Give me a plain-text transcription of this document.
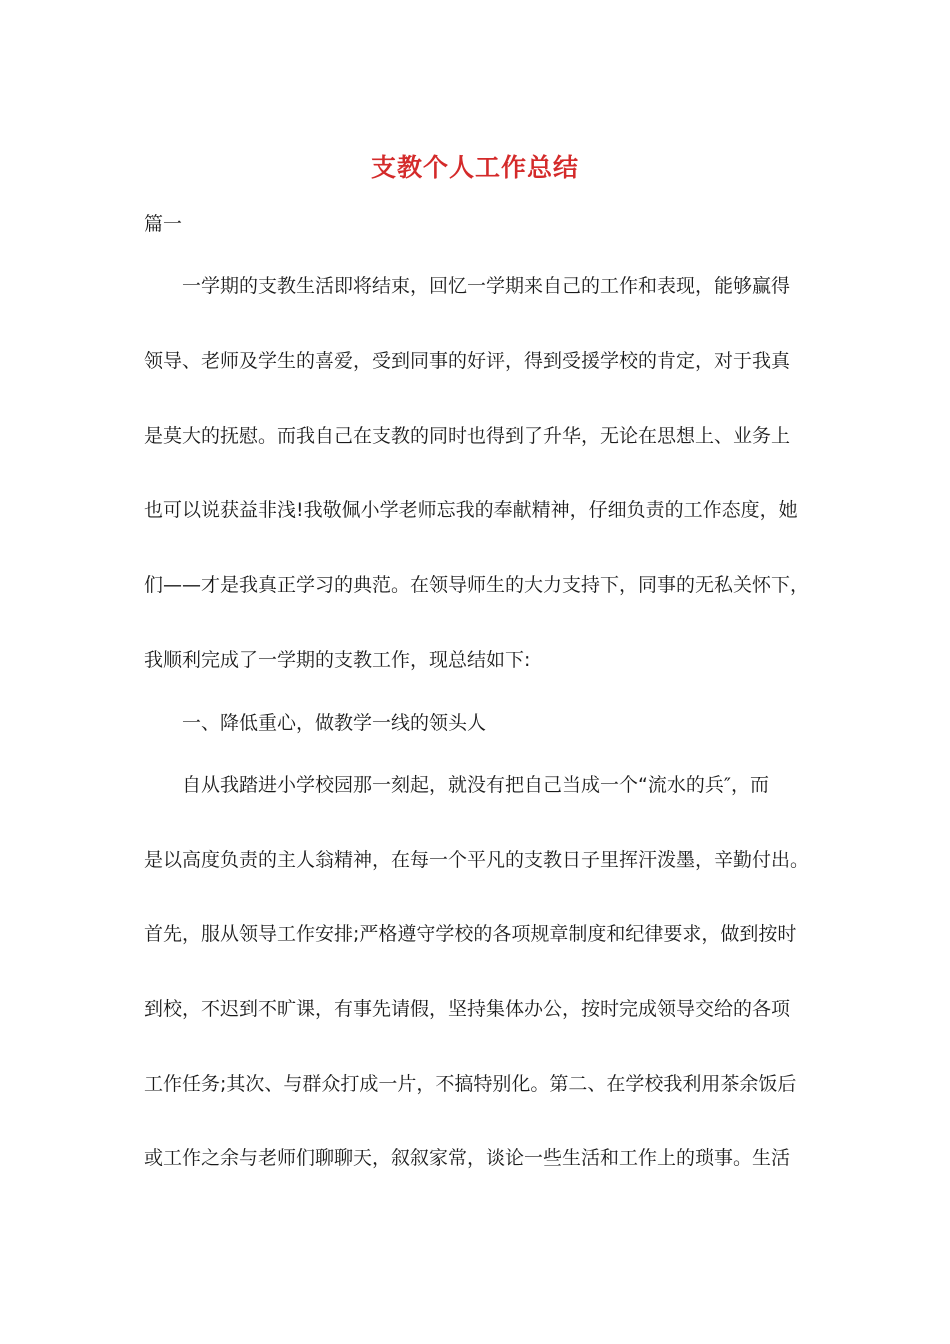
支教个人工作总结
篇一
一学期的支教生活即将结束，回忆一学期来自己的工作和表现，能够赢得
领导、老师及学生的喜爱，受到同事的好评，得到受援学校的肯定，对于我真
是莫大的抚慰。而我自己在支教的同时也得到了升华，无论在思想上、业务上
也可以说获益非浅!我敬佩小学老师忘我的奉献精神，仔细负责的工作态度，她
们——才是我真正学习的典范。在领导师生的大力支持下，同事的无私关怀下，
我顺利完成了一学期的支教工作，现总结如下:
一、降低重心，做教学一线的领头人
自从我踏进小学校园那一刻起，就没有把自己当成一个“流水的兵″，而
是以高度负责的主人翁精神，在每一个平凡的支教日子里挥汗泼墨，辛勤付出。
首先，服从领导工作安排;严格遵守学校的各项规章制度和纪律要求，做到按时
到校，不迟到不旷课，有事先请假，坚持集体办公，按时完成领导交给的各项
工作任务;其次、与群众打成一片，不搞特别化。第二、在学校我利用茶余饭后
或工作之余与老师们聊聊天，叙叙家常，谈论一些生活和工作上的琐事。生活
